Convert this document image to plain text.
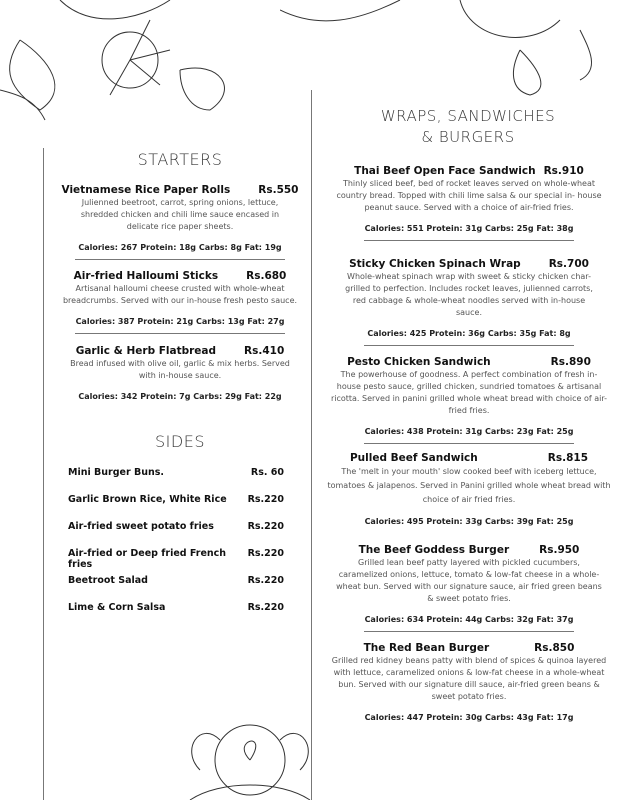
STARTERS
Vietnamese Rice Paper Rolls	Rs.550
Julienned beetroot, carrot, spring onions, lettuce, shredded chicken and chili lime sauce encased in delicate rice paper sheets.
Calories: 267 Protein: 18g Carbs: 8g Fat: 19g
Air-fried Halloumi Sticks	Rs.680
Artisanal halloumi cheese crusted with whole-wheat breadcrumbs. Served with our in-house fresh pesto sauce.
Calories: 387 Protein: 21g Carbs: 13g Fat: 27g
Garlic & Herb Flatbread	Rs.410
Bread infused with olive oil, garlic & mix herbs. Served with in-house sauce.
Calories: 342 Protein: 7g Carbs: 29g Fat: 22g
SIDES
Mini Burger Buns.	Rs. 60
Garlic Brown Rice, White Rice Rs.220
Air-fried sweet potato fries	Rs.220
Air-fried or Deep fried French fries
Rs.220
Beetroot Salad	Rs.220
Lime & Corn Salsa	Rs.220
WRAPS, SANDWICHES
& BURGERS
Thai Beef Open Face Sandwich Rs.910
Thinly sliced beef, bed of rocket leaves served on whole-wheat country bread. Topped with chili lime salsa & our special in- house peanut sauce. Served with a choice of air-fried fries.
Calories: 551 Protein: 31g Carbs: 25g Fat: 38g
Sticky Chicken Spinach Wrap	Rs.700
Whole-wheat spinach wrap with sweet & sticky chicken char-grilled to perfection. Includes rocket leaves, julienned carrots, red cabbage & whole-wheat noodles served with in-house sauce.
Calories: 425 Protein: 36g Carbs: 35g Fat: 8g
Pesto Chicken Sandwich	Rs.890
The powerhouse of goodness. A perfect combination of fresh in-house pesto sauce, grilled chicken, sundried tomatoes & artisanal ricotta. Served in panini grilled whole wheat bread with choice of air-fried fries.
Calories: 438 Protein: 31g Carbs: 23g Fat: 25g
Pulled Beef Sandwich	Rs.815
The 'melt in your mouth' slow cooked beef with iceberg lettuce, tomatoes & jalapenos. Served in Panini grilled whole wheat bread with choice of air fried fries.
Calories: 495 Protein: 33g Carbs: 39g Fat: 25g
The Beef Goddess Burger	Rs.950
Grilled lean beef patty layered with pickled cucumbers, caramelized onions, lettuce, tomato & low-fat cheese in a whole-wheat bun. Served with our signature sauce, air fried green beans & sweet potato fries.
Calories: 634 Protein: 44g Carbs: 32g Fat: 37g
The Red Bean Burger	Rs.850
Grilled red kidney beans patty with blend of spices & quinoa layered with lettuce, caramelized onions & low-fat cheese in a whole-wheat bun. Served with our signature dill sauce, air-fried green beans & sweet potato fries.
Calories: 447 Protein: 30g Carbs: 43g Fat: 17g
